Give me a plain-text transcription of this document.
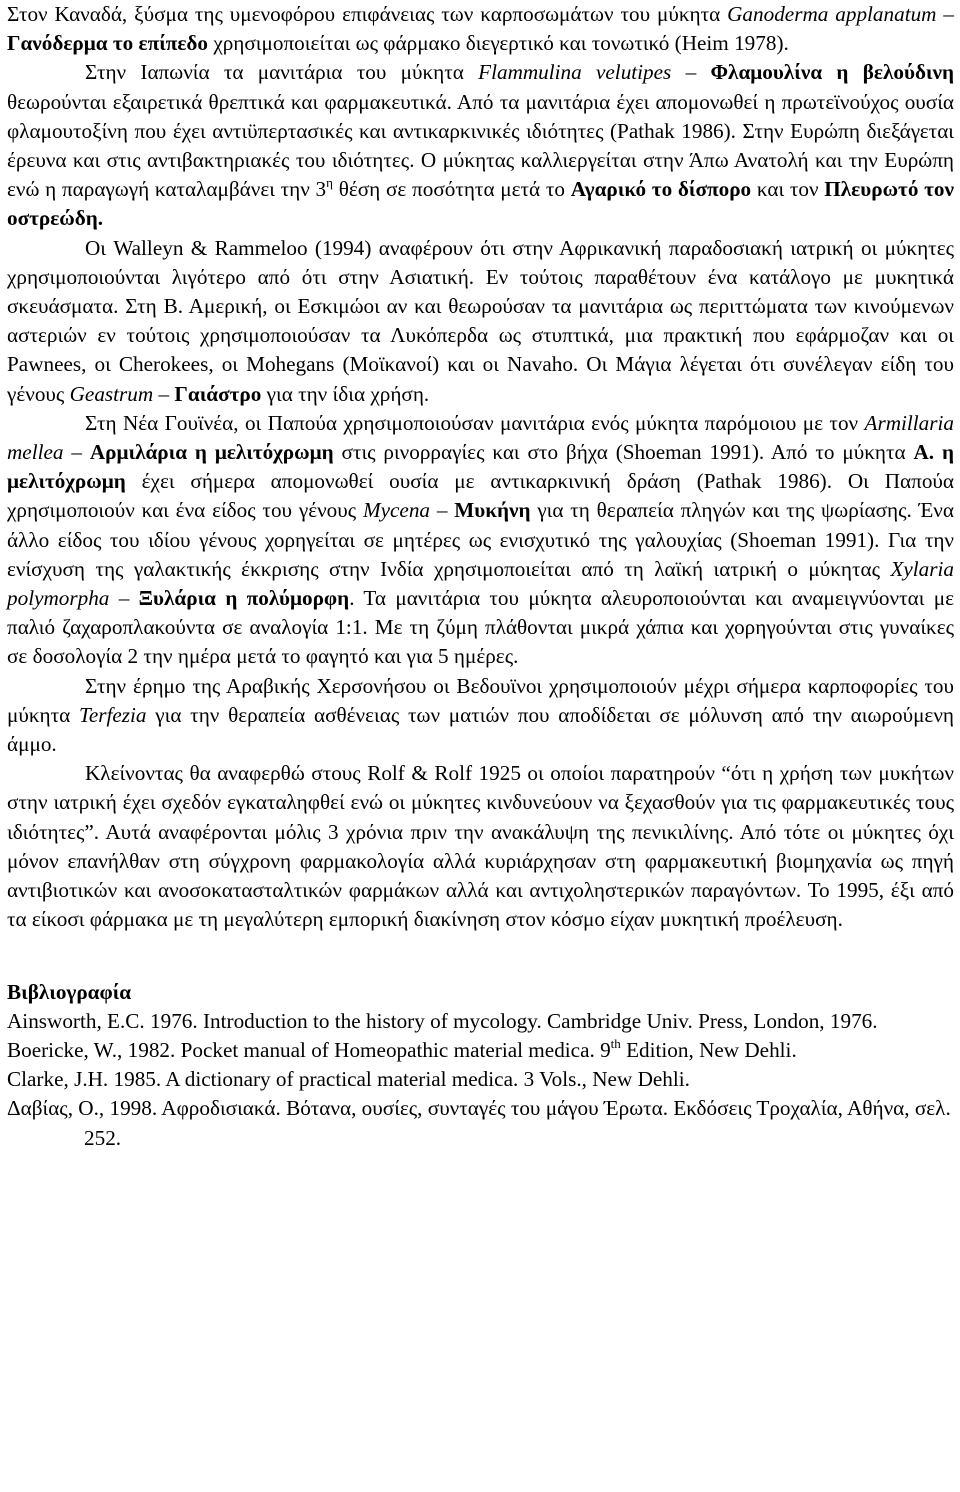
Στον Καναδά, ξύσμα της υμενοφόρου επιφάνειας των καρποσωμάτων του μύκητα Ganoderma applanatum – Γανόδερμα το επίπεδο χρησιμοποιείται ως φάρμακο διεγερτικό και τονωτικό (Heim 1978).

Στην Ιαπωνία τα μανιτάρια του μύκητα Flammulina velutipes – Φλαμουλίνα η βελούδινη θεωρούνται εξαιρετικά θρεπτικά και φαρμακευτικά. Από τα μανιτάρια έχει απομονωθεί η πρωτεϊνούχος ουσία φλαμουτοξίνη που έχει αντιϋπερτασικές και αντικαρκινικές ιδιότητες (Pathak 1986). Στην Ευρώπη διεξάγεται έρευνα και στις αντιβακτηριακές του ιδιότητες. Ο μύκητας καλλιεργείται στην Άπω Ανατολή και την Ευρώπη ενώ η παραγωγή καταλαμβάνει την $3^\eta$ θέση σε ποσότητα μετά το Αγαρικό το δίσπορο και τον Πλευρωτό τον οστρεώδη.

Οι Walleyn & Rammeloo (1994) αναφέρουν ότι στην Αφρικανική παραδοσιακή ιατρική οι μύκητες χρησιμοποιούνται λιγότερο από ότι στην Ασιατική. Εν τούτοις παραθέτουν ένα κατάλογο με μυκητικά σκευάσματα. Στη Β. Αμερική, οι Εσκιμώοι αν και θεωρούσαν τα μανιτάρια ως περιττώματα των κινούμενων αστεριών εν τούτοις χρησιμοποιούσαν τα Λυκόπερδα ως στυπτικά, μια πρακτική που εφάρμοζαν και οι Pawnees, οι Cherokees, οι Mohegans (Μοϊκανοί) και οι Navaho. Οι Μάγια λέγεται ότι συνέλεγαν είδη του γένους Geastrum – Γαιάστρο για την ίδια χρήση.

Στη Νέα Γουϊνέα, οι Παπούα χρησιμοποιούσαν μανιτάρια ενός μύκητα παρόμοιου με τον Armillaria mellea – Αρμιλάρια η μελιτόχρωμη στις ρινορραγίες και στο βήχα (Shoeman 1991). Από το μύκητα Α. η μελιτόχρωμη έχει σήμερα απομονωθεί ουσία με αντικαρκινική δράση (Pathak 1986). Οι Παπούα χρησιμοποιούν και ένα είδος του γένους Mycena – Μυκήνη για τη θεραπεία πληγών και της ψωρίασης. Ένα άλλο είδος του ιδίου γένους χορηγείται σε μητέρες ως ενισχυτικό της γαλουχίας (Shoeman 1991). Για την ενίσχυση της γαλακτικής έκκρισης στην Ινδία χρησιμοποιείται από τη λαϊκή ιατρική ο μύκητας Xylaria polymorpha – Ξυλάρια η πολύμορφη. Τα μανιτάρια του μύκητα αλευροποιούνται και αναμειγνύονται με παλιό ζαχαροπλακούντα σε αναλογία 1:1. Με τη ζύμη πλάθονται μικρά χάπια και χορηγούνται στις γυναίκες σε δοσολογία 2 την ημέρα μετά το φαγητό και για 5 ημέρες.

Στην έρημο της Αραβικής Χερσονήσου οι Βεδουϊνοι χρησιμοποιούν μέχρι σήμερα καρποφορίες του μύκητα Terfezia για την θεραπεία ασθένειας των ματιών που αποδίδεται σε μόλυνση από την αιωρούμενη άμμο.

Κλείνοντας θα αναφερθώ στους Rolf & Rolf 1925 οι οποίοι παρατηρούν “ότι η χρήση των μυκήτων στην ιατρική έχει σχεδόν εγκαταληφθεί ενώ οι μύκητες κινδυνεύουν να ξεχασθούν για τις φαρμακευτικές τους ιδιότητες”. Αυτά αναφέρονται μόλις 3 χρόνια πριν την ανακάλυψη της πενικιλίνης. Από τότε οι μύκητες όχι μόνον επανήλθαν στη σύγχρονη φαρμακολογία αλλά κυριάρχησαν στη φαρμακευτική βιομηχανία ως πηγή αντιβιοτικών και ανοσοκατασταλτικών φαρμάκων αλλά και αντιχοληστερικών παραγόντων. Το 1995, έξι από τα είκοσι φάρμακα με τη μεγαλύτερη εμπορική διακίνηση στον κόσμο είχαν μυκητική προέλευση.

Βιβλιογραφία

Ainsworth, E.C. 1976. Introduction to the history of mycology. Cambridge Univ. Press, London, 1976.

Boericke, W., 1982. Pocket manual of Homeopathic material medica. 9th Edition, New Dehli.

Clarke, J.H. 1985. A dictionary of practical material medica. 3 Vols., New Dehli.

Δαβίας, Ο., 1998. Αφροδισιακά. Βότανα, ουσίες, συνταγές του μάγου Έρωτα. Εκδόσεις Τροχαλία, Αθήνα, σελ. 252.
